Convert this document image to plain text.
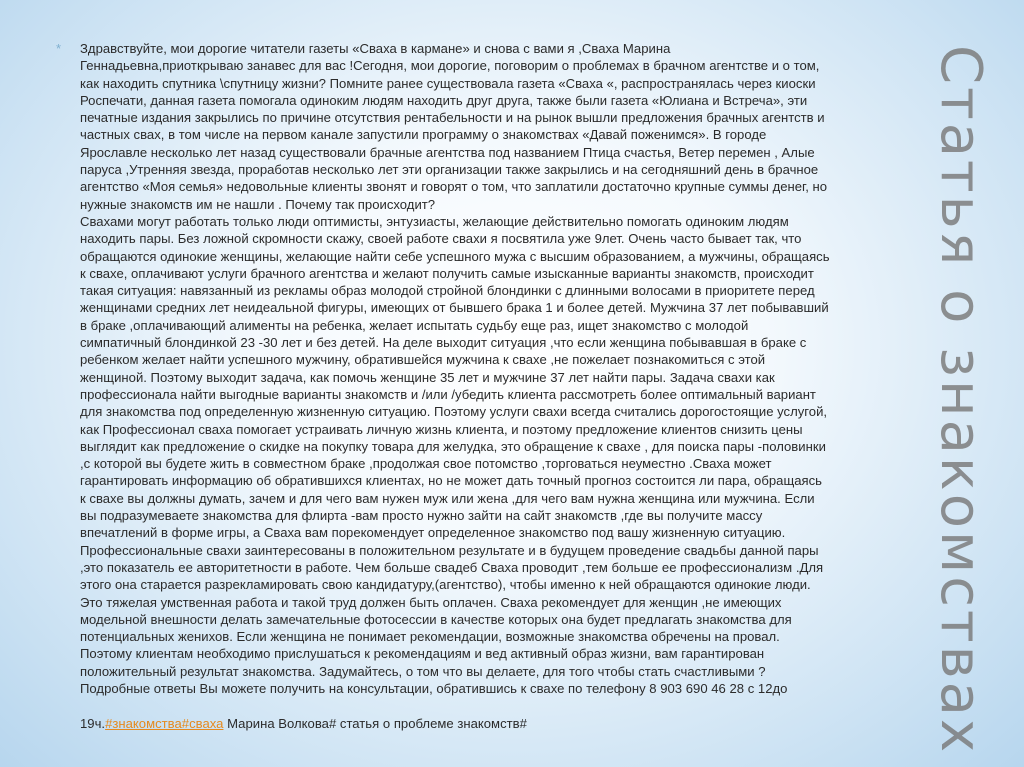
* Здравствуйте, мои дорогие читатели газеты «Сваха в кармане» и снова с вами я ,Сваха Марина
Геннадьевна,приоткрываю занавес для вас !Сегодня, мои дорогие, поговорим о проблемах в брачном агентстве и о том,
как находить спутника \спутницу жизни? Помните ранее существовала газета «Сваха «, распространялась через киоски
Роспечати, данная газета помогала одиноким людям находить друг друга, также были газета «Юлиана и Встреча», эти
печатные издания закрылись по причине отсутствия рентабельности и на рынок вышли предложения брачных агентств и
частных свах, в том числе на первом канале запустили программу о знакомствах «Давай поженимся». В городе
Ярославле несколько лет назад существовали брачные агентства под названием Птица счастья, Ветер перемен , Алые
паруса ,Утренняя звезда, проработав несколько лет эти организации также закрылись и на сегодняшний день в брачное
агентство «Моя семья» недовольные клиенты звонят и говорят о том, что заплатили достаточно крупные суммы денег, но
нужные знакомств им не нашли . Почему так происходит?
Свахами могут работать только люди оптимисты, энтузиасты, желающие действительно помогать одиноким людям
находить пары. Без ложной скромности скажу, своей работе свахи я посвятила уже 9лет. Очень часто бывает так, что
обращаются одинокие женщины, желающие найти себе успешного мужа с высшим образованием, а мужчины, обращаясь
к свахе, оплачивают услуги брачного агентства и желают получить самые изысканные варианты знакомств, происходит
такая ситуация: навязанный из рекламы образ молодой стройной блондинки с длинными волосами в приоритете перед
женщинами средних лет неидеальной фигуры, имеющих от бывшего брака 1 и более детей. Мужчина 37 лет побывавший
в браке ,оплачивающий алименты на ребенка, желает испытать судьбу еще раз, ищет знакомство с молодой
симпатичный блондинкой 23 -30 лет и без детей. На деле выходит ситуация ,что если женщина побывавшая в браке с
ребенком желает найти успешного мужчину, обратившейся мужчина к свахе ,не пожелает познакомиться с этой
женщиной. Поэтому выходит задача, как помочь женщине 35 лет и мужчине 37 лет найти пары. Задача свахи как
профессионала найти выгодные варианты знакомств и /или /убедить клиента рассмотреть более оптимальный вариант
для знакомства под определенную жизненную ситуацию. Поэтому услуги свахи всегда считались дорогостоящие услугой,
как Профессионал сваха помогает устраивать личную жизнь клиента, и поэтому предложение клиентов снизить цены
выглядит как предложение о скидке на покупку товара для желудка, это обращение к свахе , для поиска пары -половинки
,с которой вы будете жить в совместном браке ,продолжая свое потомство ,торговаться неуместно .Сваха может
гарантировать информацию об обратившихся клиентах, но не может дать точный прогноз состоится ли пара, обращаясь
к свахе вы должны думать, зачем и для чего вам нужен муж или жена ,для чего вам нужна женщина или мужчина. Если
вы подразумеваете знакомства для флирта -вам просто нужно зайти на сайт знакомств ,где вы получите массу
впечатлений в форме игры, а Сваха вам порекомендует определенное знакомство под вашу жизненную ситуацию.
Профессиональные свахи заинтересованы в положительном результате и в будущем проведение свадьбы данной пары
,это показатель ее авторитетности в работе. Чем больше свадеб Сваха проводит ,тем больше ее профессионализм .Для
этого она старается разрекламировать свою кандидатуру,(агентство), чтобы именно к ней обращаются одинокие люди.
Это тяжелая умственная работа и такой труд должен быть оплачен. Сваха рекомендует для женщин ,не имеющих
модельной внешности делать замечательные фотосессии в качестве которых она будет предлагать знакомства для
потенциальных женихов. Если женщина не понимает рекомендации, возможные знакомства обречены на провал.
Поэтому клиентам необходимо прислушаться к рекомендациям и вед активный образ жизни, вам гарантирован
положительный результат знакомства. Задумайтесь, о том что вы делаете, для того чтобы стать счастливыми ?
Подробные ответы Вы можете получить на консультации, обратившись к свахе по телефону 8 903 690 46 28 с 12до

19ч.#знакомства#сваха Марина Волкова# статья о проблеме знакомств#	Статья о знакомствах
